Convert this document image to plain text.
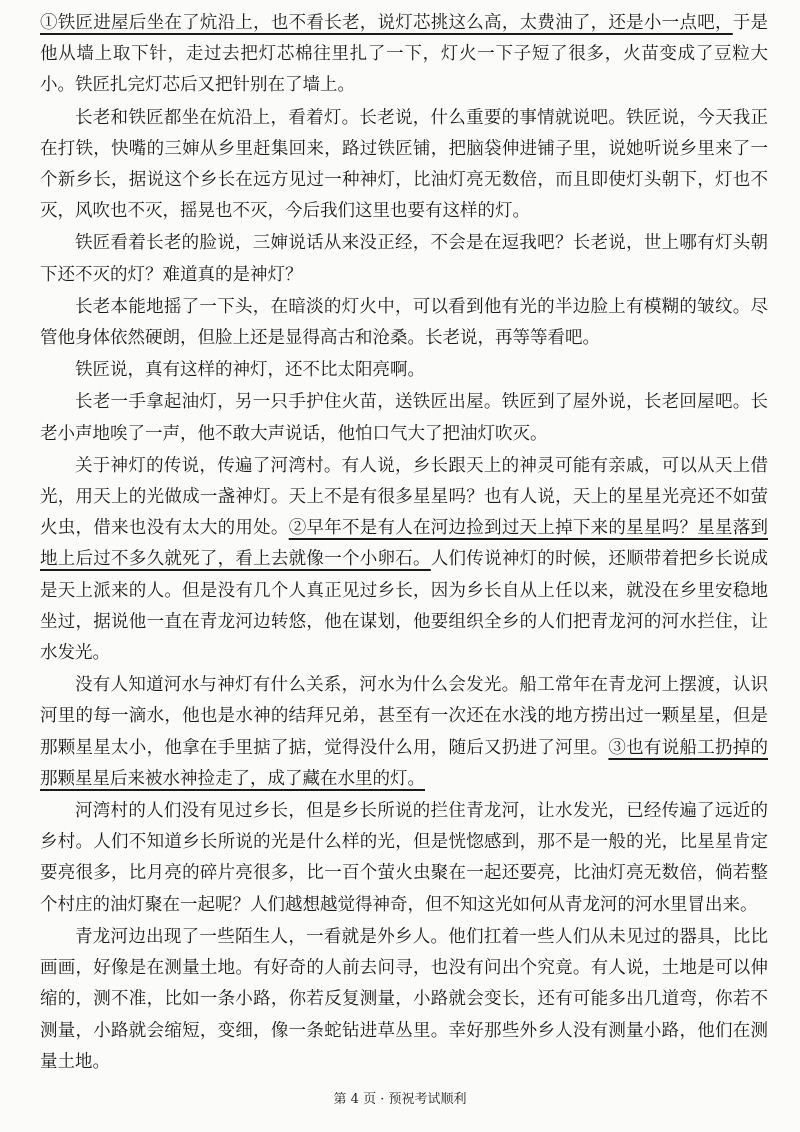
①铁匠进屋后坐在了炕沿上，也不看长老，说灯芯挑这么高，太费油了，还是小一点吧，于是他从墙上取下针，走过去把灯芯棉往里扎了一下，灯火一下子短了很多，火苗变成了豆粒大小。铁匠扎完灯芯后又把针别在了墙上。

长老和铁匠都坐在炕沿上，看着灯。长老说，什么重要的事情就说吧。铁匠说，今天我正在打铁，快嘴的三婶从乡里赶集回来，路过铁匠铺，把脑袋伸进铺子里，说她听说乡里来了一个新乡长，据说这个乡长在远方见过一种神灯，比油灯亮无数倍，而且即使灯头朝下，灯也不灭，风吹也不灭，摇晃也不灭，今后我们这里也要有这样的灯。

铁匠看着长老的脸说，三婶说话从来没正经，不会是在逗我吧？长老说，世上哪有灯头朝下还不灭的灯？难道真的是神灯？

长老本能地摇了一下头，在暗淡的灯火中，可以看到他有光的半边脸上有模糊的皱纹。尽管他身体依然硬朗，但脸上还是显得高古和沧桑。长老说，再等等看吧。

铁匠说，真有这样的神灯，还不比太阳亮啊。

长老一手拿起油灯，另一只手护住火苗，送铁匠出屋。铁匠到了屋外说，长老回屋吧。长老小声地唉了一声，他不敢大声说话，他怕口气大了把油灯吹灭。

关于神灯的传说，传遍了河湾村。有人说，乡长跟天上的神灵可能有亲戚，可以从天上借光，用天上的光做成一盏神灯。天上不是有很多星星吗？也有人说，天上的星星光亮还不如萤火虫，借来也没有太大的用处。②早年不是有人在河边捡到过天上掉下来的星星吗？星星落到地上后过不多久就死了，看上去就像一个小卵石。人们传说神灯的时候，还顺带着把乡长说成是天上派来的人。但是没有几个人真正见过乡长，因为乡长自从上任以来，就没在乡里安稳地坐过，据说他一直在青龙河边转悠，他在谋划，他要组织全乡的人们把青龙河的河水拦住，让水发光。

没有人知道河水与神灯有什么关系，河水为什么会发光。船工常年在青龙河上摆渡，认识河里的每一滴水，他也是水神的结拜兄弟，甚至有一次还在水浅的地方捞出过一颗星星，但是那颗星星太小，他拿在手里掂了掂，觉得没什么用，随后又扔进了河里。③也有说船工扔掉的那颗星星后来被水神捡走了，成了藏在水里的灯。

河湾村的人们没有见过乡长，但是乡长所说的拦住青龙河，让水发光，已经传遍了远近的乡村。人们不知道乡长所说的光是什么样的光，但是恍惚感到，那不是一般的光，比星星肯定要亮很多，比月亮的碎片亮很多，比一百个萤火虫聚在一起还要亮，比油灯亮无数倍，倘若整个村庄的油灯聚在一起呢？人们越想越觉得神奇，但不知这光如何从青龙河的河水里冒出来。

青龙河边出现了一些陌生人，一看就是外乡人。他们扛着一些人们从未见过的器具，比比画画，好像是在测量土地。有好奇的人前去问寻，也没有问出个究竟。有人说，土地是可以伸缩的，测不准，比如一条小路，你若反复测量，小路就会变长，还有可能多出几道弯，你若不测量，小路就会缩短，变细，像一条蛇钻进草丛里。幸好那些外乡人没有测量小路，他们在测量土地。

第 4 页 · 预祝考试顺利
